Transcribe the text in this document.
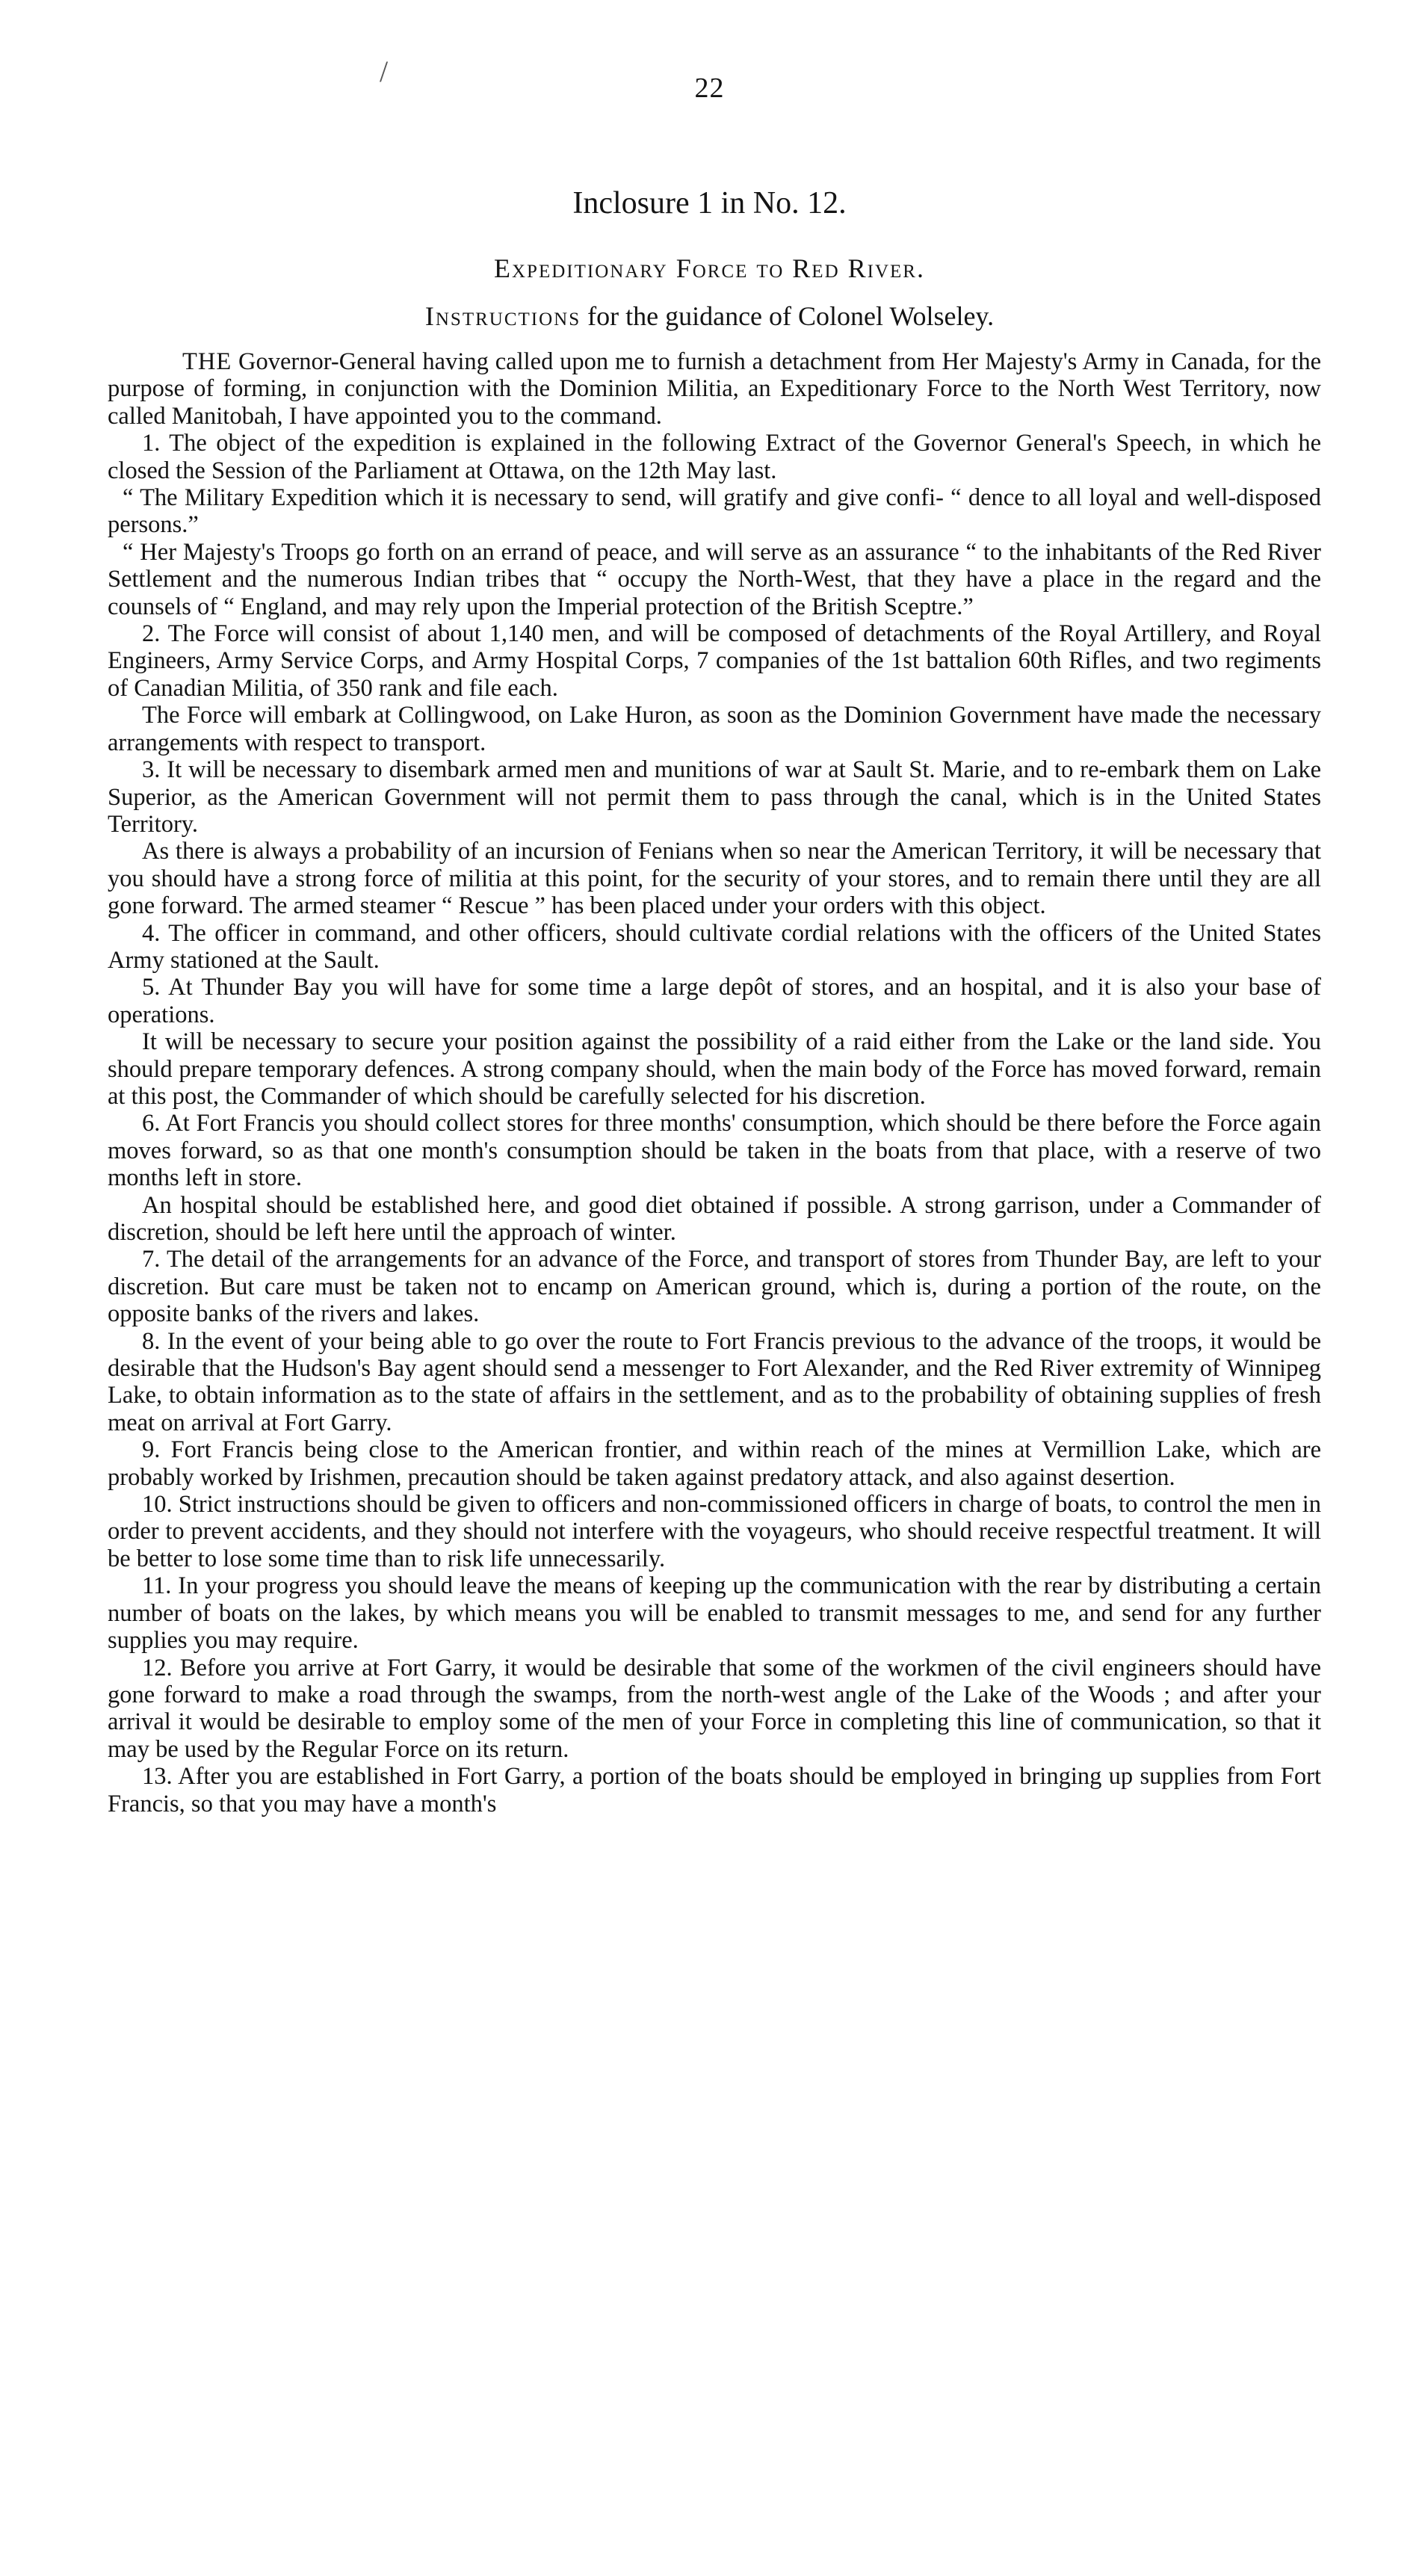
/	22
Inclosure 1 in No. 12.
Expeditionary Force to Red River.
Instructions for the guidance of Colonel Wolseley.

THE Governor-General having called upon me to furnish a detachment from Her Majesty's Army in Canada, for the purpose of forming, in conjunction with the Dominion Militia, an Expeditionary Force to the North West Territory, now called Manitobah, I have appointed you to the command.

1. The object of the expedition is explained in the following Extract of the Governor General's Speech, in which he closed the Session of the Parliament at Ottawa, on the 12th May last.

“ The Military Expedition which it is necessary to send, will gratify and give confi- “ dence to all loyal and well-disposed persons.”

“ Her Majesty's Troops go forth on an errand of peace, and will serve as an assurance “ to the inhabitants of the Red River Settlement and the numerous Indian tribes that “ occupy the North-West, that they have a place in the regard and the counsels of “ England, and may rely upon the Imperial protection of the British Sceptre.”

2. The Force will consist of about 1,140 men, and will be composed of detachments of the Royal Artillery, and Royal Engineers, Army Service Corps, and Army Hospital Corps, 7 companies of the 1st battalion 60th Rifles, and two regiments of Canadian Militia, of 350 rank and file each.

The Force will embark at Collingwood, on Lake Huron, as soon as the Dominion Government have made the necessary arrangements with respect to transport.

3. It will be necessary to disembark armed men and munitions of war at Sault St. Marie, and to re-embark them on Lake Superior, as the American Government will not permit them to pass through the canal, which is in the United States Territory.

As there is always a probability of an incursion of Fenians when so near the American Territory, it will be necessary that you should have a strong force of militia at this point, for the security of your stores, and to remain there until they are all gone forward. The armed steamer “ Rescue ” has been placed under your orders with this object.

4. The officer in command, and other officers, should cultivate cordial relations with the officers of the United States Army stationed at the Sault.

5. At Thunder Bay you will have for some time a large depôt of stores, and an hospital, and it is also your base of operations.

It will be necessary to secure your position against the possibility of a raid either from the Lake or the land side. You should prepare temporary defences. A strong company should, when the main body of the Force has moved forward, remain at this post, the Commander of which should be carefully selected for his discretion.

6. At Fort Francis you should collect stores for three months' consumption, which should be there before the Force again moves forward, so as that one month's consumption should be taken in the boats from that place, with a reserve of two months left in store.

An hospital should be established here, and good diet obtained if possible. A strong garrison, under a Commander of discretion, should be left here until the approach of winter.

7. The detail of the arrangements for an advance of the Force, and transport of stores from Thunder Bay, are left to your discretion. But care must be taken not to encamp on American ground, which is, during a portion of the route, on the opposite banks of the rivers and lakes.

8. In the event of your being able to go over the route to Fort Francis previous to the advance of the troops, it would be desirable that the Hudson's Bay agent should send a messenger to Fort Alexander, and the Red River extremity of Winnipeg Lake, to obtain information as to the state of affairs in the settlement, and as to the probability of obtaining supplies of fresh meat on arrival at Fort Garry.

9. Fort Francis being close to the American frontier, and within reach of the mines at Vermillion Lake, which are probably worked by Irishmen, precaution should be taken against predatory attack, and also against desertion.

10. Strict instructions should be given to officers and non-commissioned officers in charge of boats, to control the men in order to prevent accidents, and they should not interfere with the voyageurs, who should receive respectful treatment. It will be better to lose some time than to risk life unnecessarily.

11. In your progress you should leave the means of keeping up the communication with the rear by distributing a certain number of boats on the lakes, by which means you will be enabled to transmit messages to me, and send for any further supplies you may require.

12. Before you arrive at Fort Garry, it would be desirable that some of the workmen of the civil engineers should have gone forward to make a road through the swamps, from the north-west angle of the Lake of the Woods ; and after your arrival it would be desirable to employ some of the men of your Force in completing this line of communication, so that it may be used by the Regular Force on its return.

13. After you are established in Fort Garry, a portion of the boats should be employed in bringing up supplies from Fort Francis, so that you may have a month's
